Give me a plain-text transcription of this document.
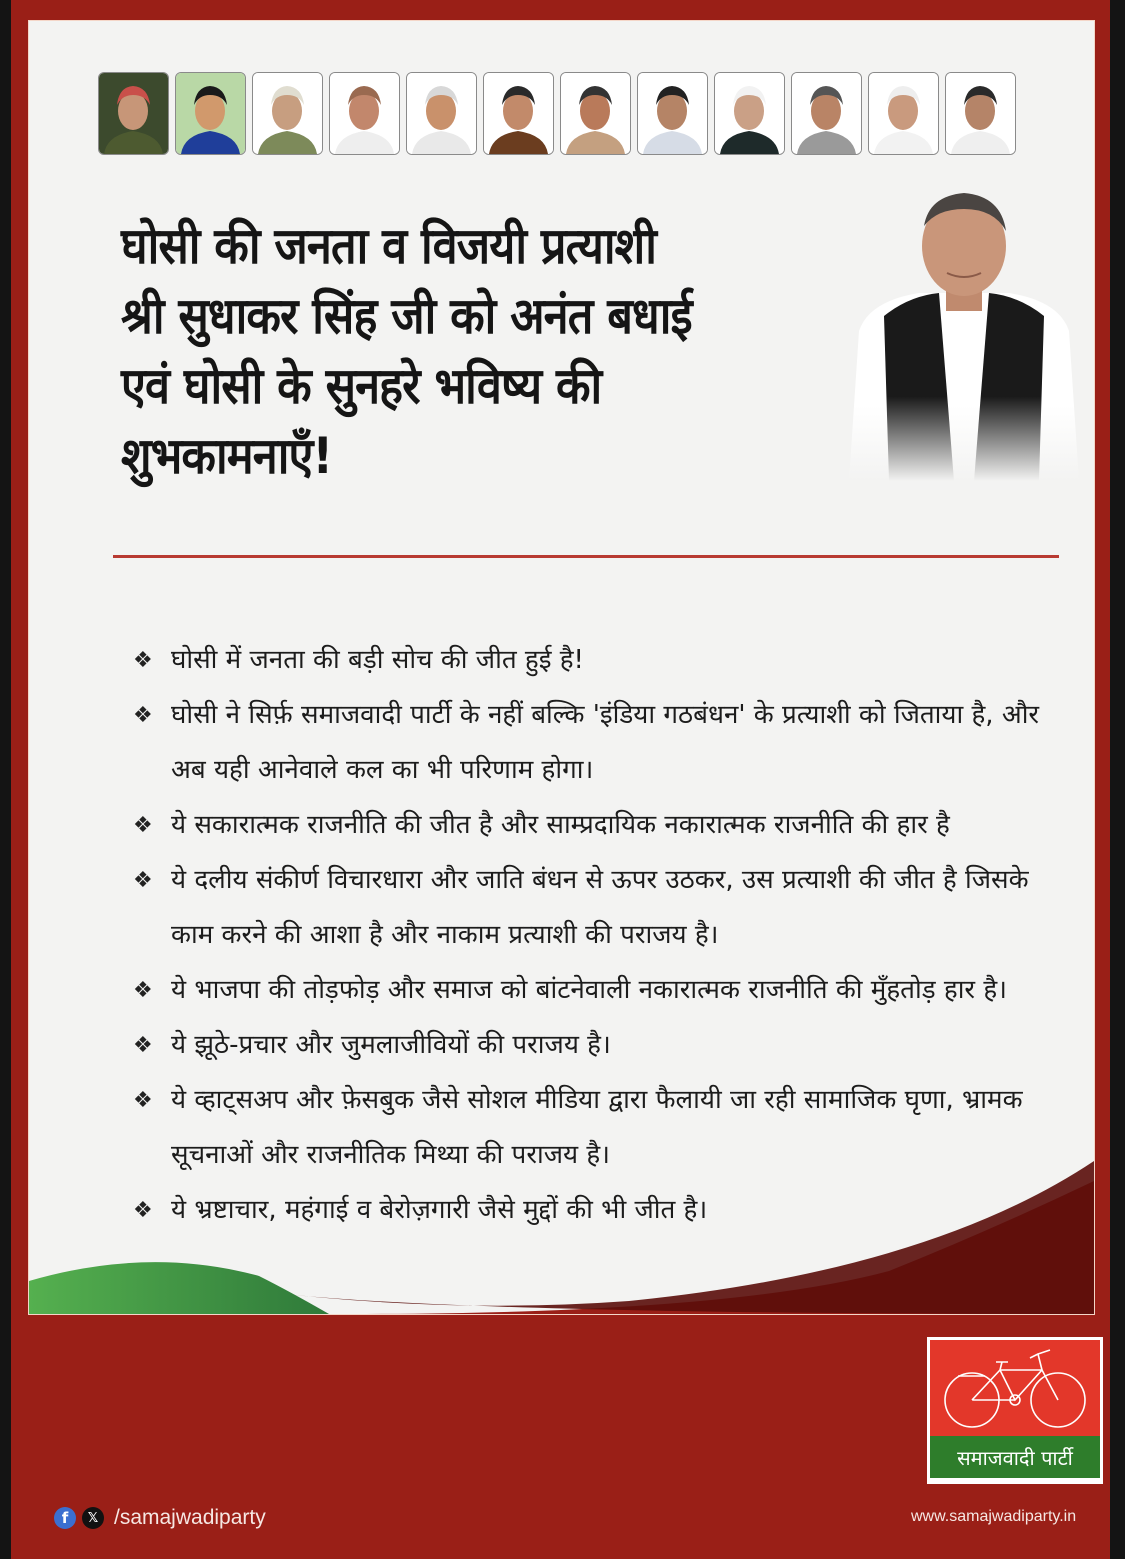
घोसी की जनता व विजयी प्रत्याशी
श्री सुधाकर सिंह जी को अनंत बधाई
एवं घोसी के सुनहरे भविष्य की
शुभकामनाएँ!
❖ घोसी में जनता की बड़ी सोच की जीत हुई है!
❖ घोसी ने सिर्फ़ समाजवादी पार्टी के नहीं बल्कि 'इंडिया गठबंधन' के प्रत्याशी को जिताया है, और अब यही आनेवाले कल का भी परिणाम होगा।
❖ ये सकारात्मक राजनीति की जीत है और साम्प्रदायिक नकारात्मक राजनीति की हार है
❖ ये दलीय संकीर्ण विचारधारा और जाति बंधन से ऊपर उठकर, उस प्रत्याशी की जीत है जिसके काम करने की आशा है और नाकाम प्रत्याशी की पराजय है।
❖ ये भाजपा की तोड़फोड़ और समाज को बांटनेवाली नकारात्मक राजनीति की मुँहतोड़ हार है।
❖ ये झूठे-प्रचार और जुमलाजीवियों की पराजय है।
❖ ये व्हाट्सअप और फ़ेसबुक जैसे सोशल मीडिया द्वारा फैलायी जा रही सामाजिक घृणा, भ्रामक सूचनाओं और राजनीतिक मिथ्या की पराजय है।
❖ ये भ्रष्टाचार, महंगाई व बेरोज़गारी जैसे मुद्दों की भी जीत है।
समाजवादी पार्टी
f	𝕏 /samajwadiparty	www.samajwadiparty.in
